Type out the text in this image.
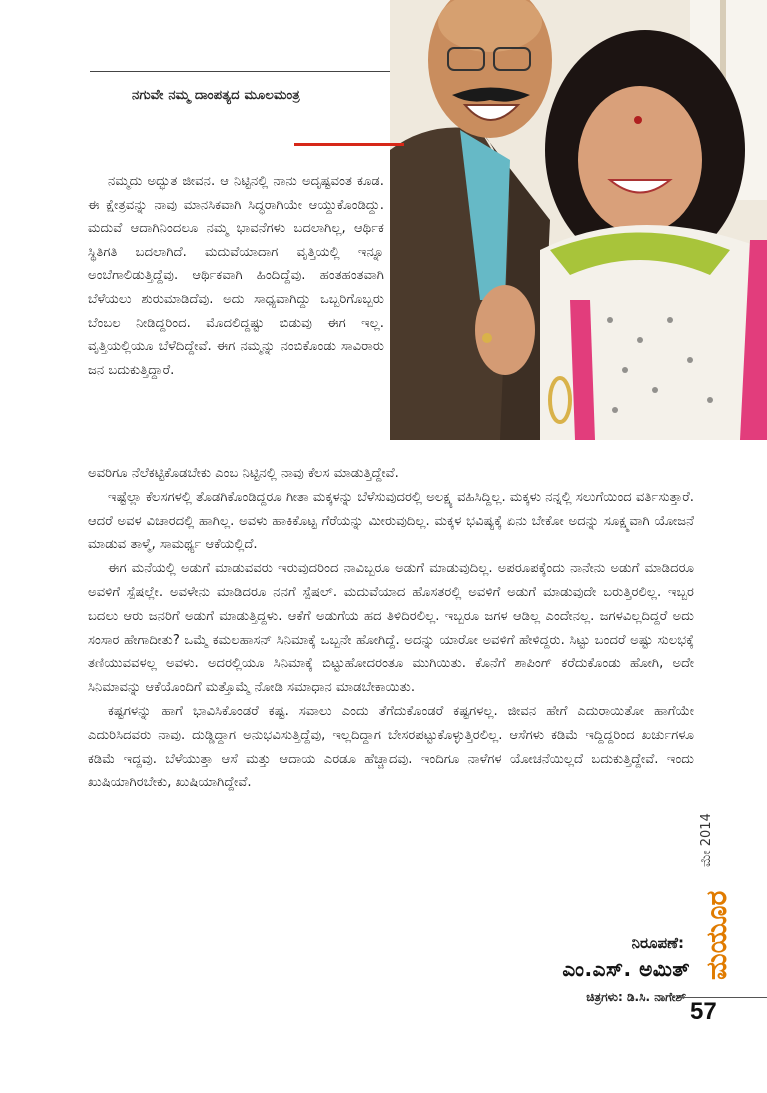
ನಗುವೇ ನಮ್ಮ ದಾಂಪತ್ಯದ ಮೂಲಮಂತ್ರ

ನಮ್ಮದು ಅದ್ಭುತ ಜೀವನ. ಆ ನಿಟ್ಟಿನಲ್ಲಿ ನಾನು ಅದೃಷ್ಟವಂತ ಕೂಡ. ಈ ಕ್ಷೇತ್ರವನ್ನು ನಾವು ಮಾನಸಿಕವಾಗಿ ಸಿದ್ಧರಾಗಿಯೇ ಆಯ್ದುಕೊಂಡಿದ್ದು. ಮದುವೆ ಆದಾಗಿನಿಂದಲೂ ನಮ್ಮ ಭಾವನೆಗಳು ಬದಲಾಗಿಲ್ಲ, ಆರ್ಥಿಕ ಸ್ಥಿತಿಗತಿ ಬದಲಾಗಿದೆ. ಮದುವೆಯಾದಾಗ ವೃತ್ತಿಯಲ್ಲಿ ಇನ್ನೂ ಅಂಬೆಗಾಲಿಡುತ್ತಿದ್ದೆವು. ಆರ್ಥಿಕವಾಗಿ ಹಿಂದಿದ್ದೆವು. ಹಂತಹಂತವಾಗಿ ಬೆಳೆಯಲು ಶುರುಮಾಡಿದೆವು. ಅದು ಸಾಧ್ಯವಾಗಿದ್ದು ಒಬ್ಬರಿಗೊಬ್ಬರು ಬೆಂಬಲ ನೀಡಿದ್ದರಿಂದ. ಮೊದಲಿದ್ದಷ್ಟು ಬಿಡುವು ಈಗ ಇಲ್ಲ. ವೃತ್ತಿಯಲ್ಲಿಯೂ ಬೆಳೆದಿದ್ದೇವೆ. ಈಗ ನಮ್ಮನ್ನು ನಂಬಿಕೊಂಡು ಸಾವಿರಾರು ಜನ ಬದುಕುತ್ತಿದ್ದಾರೆ.

ಅವರಿಗೂ ನೆಲೆಕಟ್ಟಿಕೊಡಬೇಕು ಎಂಬ ನಿಟ್ಟಿನಲ್ಲಿ ನಾವು ಕೆಲಸ ಮಾಡುತ್ತಿದ್ದೇವೆ.

ಇಷ್ಟೆಲ್ಲಾ ಕೆಲಸಗಳಲ್ಲಿ ತೊಡಗಿಕೊಂಡಿದ್ದರೂ ಗೀತಾ ಮಕ್ಕಳನ್ನು ಬೆಳೆಸುವುದರಲ್ಲಿ ಅಲಕ್ಷ್ಯ ವಹಿಸಿದ್ದಿಲ್ಲ. ಮಕ್ಕಳು ನನ್ನಲ್ಲಿ ಸಲುಗೆಯಿಂದ ವರ್ತಿಸುತ್ತಾರೆ. ಆದರೆ ಅವಳ ವಿಚಾರದಲ್ಲಿ ಹಾಗಿಲ್ಲ. ಅವಳು ಹಾಕಿಕೊಟ್ಟ ಗೆರೆಯನ್ನು ಮೀರುವುದಿಲ್ಲ. ಮಕ್ಕಳ ಭವಿಷ್ಯಕ್ಕೆ ಏನು ಬೇಕೋ ಅದನ್ನು ಸೂಕ್ಷ್ಮವಾಗಿ ಯೋಜನೆ ಮಾಡುವ ತಾಳ್ಮೆ, ಸಾಮರ್ಥ್ಯ ಆಕೆಯಲ್ಲಿದೆ.

ಈಗ ಮನೆಯಲ್ಲಿ ಅಡುಗೆ ಮಾಡುವವರು ಇರುವುದರಿಂದ ನಾವಿಬ್ಬರೂ ಅಡುಗೆ ಮಾಡುವುದಿಲ್ಲ. ಅಪರೂಪಕ್ಕೆಂದು ನಾನೇನು ಅಡುಗೆ ಮಾಡಿದರೂ ಅವಳಿಗೆ ಸ್ಪೆಷಲ್ಲೇ. ಅವಳೇನು ಮಾಡಿದರೂ ನನಗೆ ಸ್ಪೆಷಲ್. ಮದುವೆಯಾದ ಹೊಸತರಲ್ಲಿ ಅವಳಿಗೆ ಅಡುಗೆ ಮಾಡುವುದೇ ಬರುತ್ತಿರಲಿಲ್ಲ. ಇಬ್ಬರ ಬದಲು ಆರು ಜನರಿಗೆ ಅಡುಗೆ ಮಾಡುತ್ತಿದ್ದಳು. ಆಕೆಗೆ ಅಡುಗೆಯ ಹದ ತಿಳಿದಿರಲಿಲ್ಲ. ಇಬ್ಬರೂ ಜಗಳ ಆಡಿಲ್ಲ ಎಂದೇನಲ್ಲ. ಜಗಳವಿಲ್ಲದಿದ್ದರೆ ಅದು ಸಂಸಾರ ಹೇಗಾದೀತು? ಒಮ್ಮೆ ಕಮಲಹಾಸನ್ ಸಿನಿಮಾಕ್ಕೆ ಒಬ್ಬನೇ ಹೋಗಿದ್ದೆ. ಅದನ್ನು ಯಾರೋ ಅವಳಿಗೆ ಹೇಳಿದ್ದರು. ಸಿಟ್ಟು ಬಂದರೆ ಅಷ್ಟು ಸುಲಭಕ್ಕೆ ತಣಿಯುವವಳಲ್ಲ ಅವಳು. ಅದರಲ್ಲಿಯೂ ಸಿನಿಮಾಕ್ಕೆ ಬಿಟ್ಟುಹೋದರಂತೂ ಮುಗಿಯಿತು. ಕೊನೆಗೆ ಶಾಪಿಂಗ್ ಕರೆದುಕೊಂಡು ಹೋಗಿ, ಅದೇ ಸಿನಿಮಾವನ್ನು ಆಕೆಯೊಂದಿಗೆ ಮತ್ತೊಮ್ಮೆ ನೋಡಿ ಸಮಾಧಾನ ಮಾಡಬೇಕಾಯಿತು.

ಕಷ್ಟಗಳನ್ನು ಹಾಗೆ ಭಾವಿಸಿಕೊಂಡರೆ ಕಷ್ಟ. ಸವಾಲು ಎಂದು ತೆಗೆದುಕೊಂಡರೆ ಕಷ್ಟಗಳಲ್ಲ. ಜೀವನ ಹೇಗೆ ಎದುರಾಯಿತೋ ಹಾಗೆಯೇ ಎದುರಿಸಿದವರು ನಾವು. ದುಡ್ಡಿದ್ದಾಗ ಅನುಭವಿಸುತ್ತಿದ್ದೆವು, ಇಲ್ಲದಿದ್ದಾಗ ಬೇಸರಪಟ್ಟುಕೊಳ್ಳುತ್ತಿರಲಿಲ್ಲ. ಆಸೆಗಳು ಕಡಿಮೆ ಇದ್ದಿದ್ದರಿಂದ ಖರ್ಚುಗಳೂ ಕಡಿಮೆ ಇದ್ದವು. ಬೆಳೆಯುತ್ತಾ ಆಸೆ ಮತ್ತು ಆದಾಯ ಎರಡೂ ಹೆಚ್ಚಾದವು. ಇಂದಿಗೂ ನಾಳೆಗಳ ಯೋಚನೆಯಿಲ್ಲದೆ ಬದುಕುತ್ತಿದ್ದೇವೆ. ಇಂದು ಖುಷಿಯಾಗಿರಬೇಕು, ಖುಷಿಯಾಗಿದ್ದೇವೆ.

ನಿರೂಪಣೆ:
ಎಂ.ಎಸ್. ಅಮಿತ್
ಚಿತ್ರಗಳು: ಡಿ.ಸಿ. ನಾಗೇಶ್
ಮೇ 2014
ಮಯೂರ
57
